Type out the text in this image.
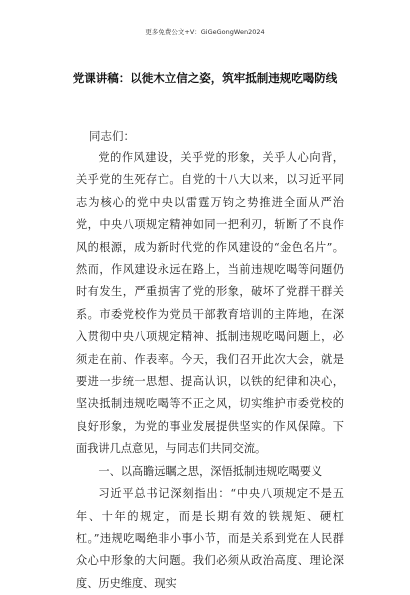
更多免费公文+V：GiGeGongWen2024
党课讲稿：以徙木立信之姿，筑牢抵制违规吃喝防线
同志们：

党的作风建设，关乎党的形象，关乎人心向背，关乎党的生死存亡。自党的十八大以来，以习近平同志为核心的党中央以雷霆万钧之势推进全面从严治党，中央八项规定精神如同一把利刃，斩断了不良作风的根源，成为新时代党的作风建设的“金色名片”。然而，作风建设永远在路上，当前违规吃喝等问题仍时有发生，严重损害了党的形象，破坏了党群干群关系。市委党校作为党员干部教育培训的主阵地，在深入贯彻中央八项规定精神、抵制违规吃喝问题上，必须走在前、作表率。今天，我们召开此次大会，就是要进一步统一思想、提高认识，以铁的纪律和决心，坚决抵制违规吃喝等不正之风，切实维护市委党校的良好形象，为党的事业发展提供坚实的作风保障。下面我讲几点意见，与同志们共同交流。

一、以高瞻远瞩之思，深悟抵制违规吃喝要义

习近平总书记深刻指出：“中央八项规定不是五年、十年的规定，而是长期有效的铁规矩、硬杠杠。”违规吃喝绝非小事小节，而是关系到党在人民群众心中形象的大问题。我们必须从政治高度、理论深度、历史维度、现实
